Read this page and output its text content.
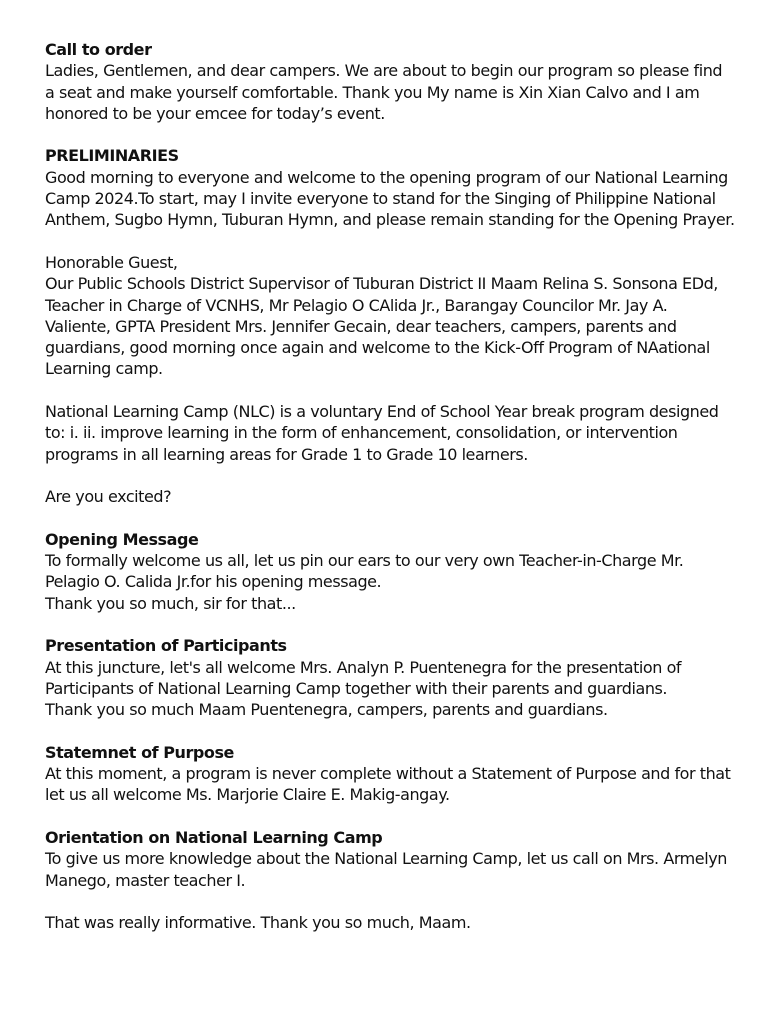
Call to order
Ladies, Gentlemen, and dear campers. We are about to begin our program so please find a seat and make yourself comfortable. Thank you My name is Xin Xian Calvo and I am honored to be your emcee for today’s event.
PRELIMINARIES
Good morning to everyone and welcome to the opening program of our National Learning Camp 2024.To start, may I invite everyone to stand for the Singing of Philippine National Anthem, Sugbo Hymn, Tuburan Hymn, and please remain standing for the Opening Prayer.
Honorable Guest,
Our Public Schools District Supervisor of Tuburan District II Maam Relina S. Sonsona EDd, Teacher in Charge of VCNHS, Mr Pelagio O CAlida Jr., Barangay Councilor Mr. Jay A. Valiente, GPTA President Mrs. Jennifer Gecain, dear teachers, campers, parents and guardians, good morning once again and welcome to the Kick-Off Program of NAational Learning camp.
National Learning Camp (NLC) is a voluntary End of School Year break program designed to: i. ii. improve learning in the form of enhancement, consolidation, or intervention programs in all learning areas for Grade 1 to Grade 10 learners.
Are you excited?
Opening Message
To formally welcome us all, let us pin our ears to our very own Teacher-in-Charge Mr. Pelagio O. Calida Jr.for his opening message.
Thank you so much, sir for that...
Presentation of Participants
At this juncture, let's all welcome Mrs. Analyn P. Puentenegra for the presentation of Participants of National Learning Camp together with their parents and guardians.
Thank you so much Maam Puentenegra, campers, parents and guardians.
Statemnet of Purpose
At this moment, a program is never complete without a Statement of Purpose and for that let us all welcome Ms. Marjorie Claire E. Makig-angay.
Orientation on National Learning Camp
To give us more knowledge about the National Learning Camp, let us call on Mrs. Armelyn Manego, master teacher I.
That was really informative. Thank you so much, Maam.
